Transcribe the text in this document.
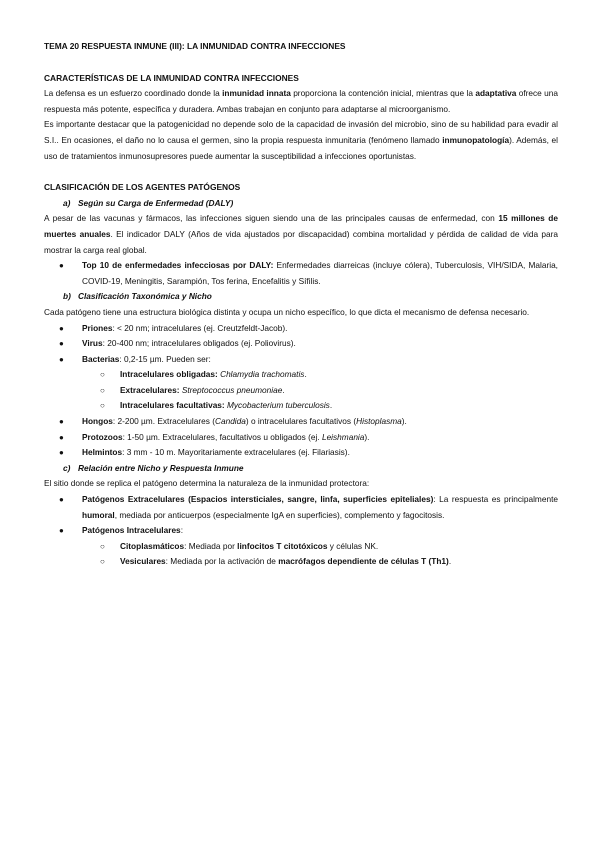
TEMA 20 RESPUESTA INMUNE (III): LA INMUNIDAD CONTRA INFECCIONES

CARACTERÍSTICAS DE LA INMUNIDAD CONTRA INFECCIONES

La defensa es un esfuerzo coordinado donde la inmunidad innata proporciona la contención inicial, mientras que la adaptativa ofrece una respuesta más potente, específica y duradera. Ambas trabajan en conjunto para adaptarse al microorganismo.

Es importante destacar que la patogenicidad no depende solo de la capacidad de invasión del microbio, sino de su habilidad para evadir al S.I.. En ocasiones, el daño no lo causa el germen, sino la propia respuesta inmunitaria (fenómeno llamado inmunopatología). Además, el uso de tratamientos inmunosupresores puede aumentar la susceptibilidad a infecciones oportunistas.

CLASIFICACIÓN DE LOS AGENTES PATÓGENOS

a) Según su Carga de Enfermedad (DALY)

A pesar de las vacunas y fármacos, las infecciones siguen siendo una de las principales causas de enfermedad, con 15 millones de muertes anuales. El indicador DALY (Años de vida ajustados por discapacidad) combina mortalidad y pérdida de calidad de vida para mostrar la carga real global.

● Top 10 de enfermedades infecciosas por DALY: Enfermedades diarreicas (incluye cólera), Tuberculosis, VIH/SIDA, Malaria, COVID-19, Meningitis, Sarampión, Tos ferina, Encefalitis y Sífilis.

b) Clasificación Taxonómica y Nicho

Cada patógeno tiene una estructura biológica distinta y ocupa un nicho específico, lo que dicta el mecanismo de defensa necesario.

● Priones: < 20 nm; intracelulares (ej. Creutzfeldt-Jacob).

● Virus: 20-400 nm; intracelulares obligados (ej. Poliovirus).

● Bacterias: 0,2-15 µm. Pueden ser:

○ Intracelulares obligadas: Chlamydia trachomatis.

○ Extracelulares: Streptococcus pneumoniae.

○ Intracelulares facultativas: Mycobacterium tuberculosis.

● Hongos: 2-200 µm. Extracelulares (Candida) o intracelulares facultativos (Histoplasma).

● Protozoos: 1-50 µm. Extracelulares, facultativos u obligados (ej. Leishmania).

● Helmintos: 3 mm - 10 m. Mayoritariamente extracelulares (ej. Filariasis).

c) Relación entre Nicho y Respuesta Inmune

El sitio donde se replica el patógeno determina la naturaleza de la inmunidad protectora:

● Patógenos Extracelulares (Espacios intersticiales, sangre, linfa, superficies epiteliales): La respuesta es principalmente humoral, mediada por anticuerpos (especialmente IgA en superficies), complemento y fagocitosis.

● Patógenos Intracelulares:

○ Citoplasmáticos: Mediada por linfocitos T citotóxicos y células NK.

○ Vesiculares: Mediada por la activación de macrófagos dependiente de células T (Th1).
